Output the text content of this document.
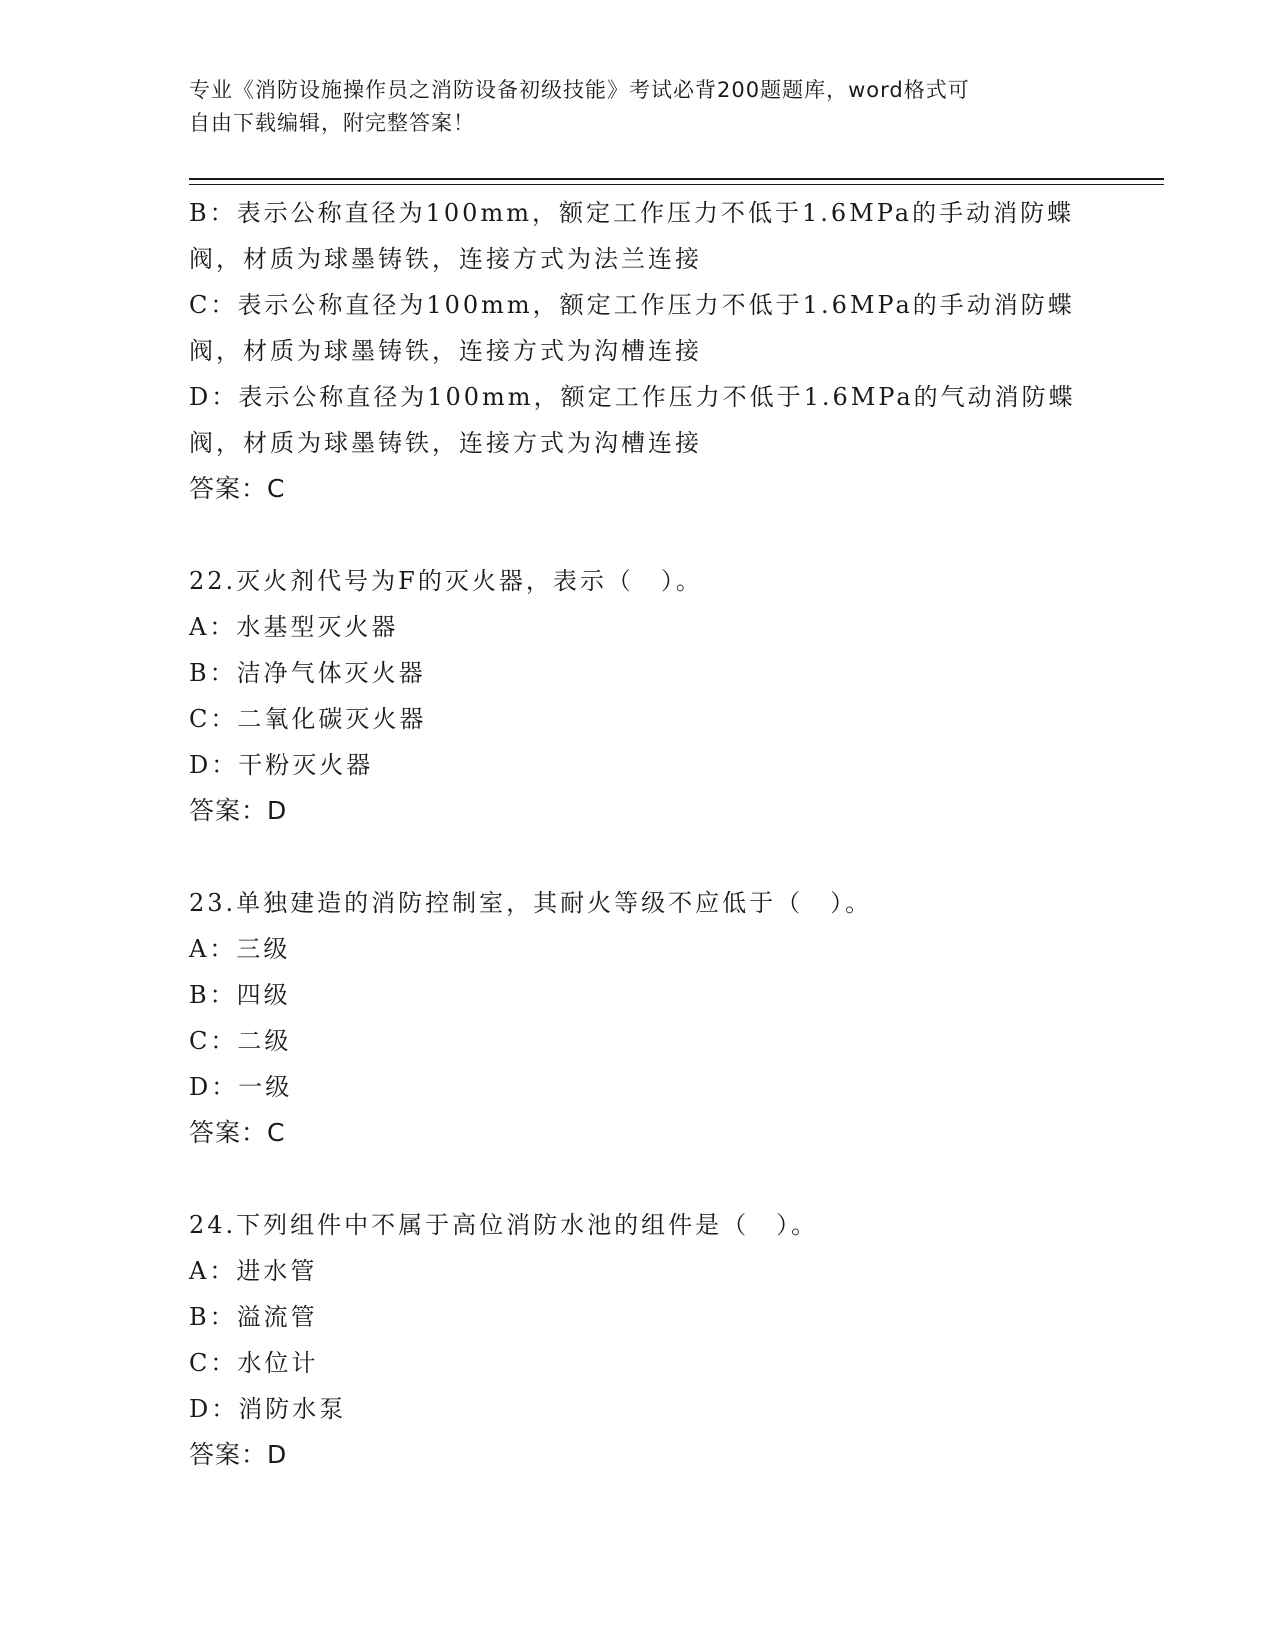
专业《消防设施操作员之消防设备初级技能》考试必背200题题库，word格式可
自由下载编辑，附完整答案！
B：表示公称直径为100mm，额定工作压力不低于1.6MPa的手动消防蝶
阀，材质为球墨铸铁，连接方式为法兰连接
C：表示公称直径为100mm，额定工作压力不低于1.6MPa的手动消防蝶
阀，材质为球墨铸铁，连接方式为沟槽连接
D：表示公称直径为100mm，额定工作压力不低于1.6MPa的气动消防蝶
阀，材质为球墨铸铁，连接方式为沟槽连接
答案：C
22.灭火剂代号为F的灭火器，表示（　）。
A：水基型灭火器
B：洁净气体灭火器
C：二氧化碳灭火器
D：干粉灭火器
答案：D
23.单独建造的消防控制室，其耐火等级不应低于（　）。
A：三级
B：四级
C：二级
D：一级
答案：C
24.下列组件中不属于高位消防水池的组件是（　）。
A：进水管
B：溢流管
C：水位计
D：消防水泵
答案：D
